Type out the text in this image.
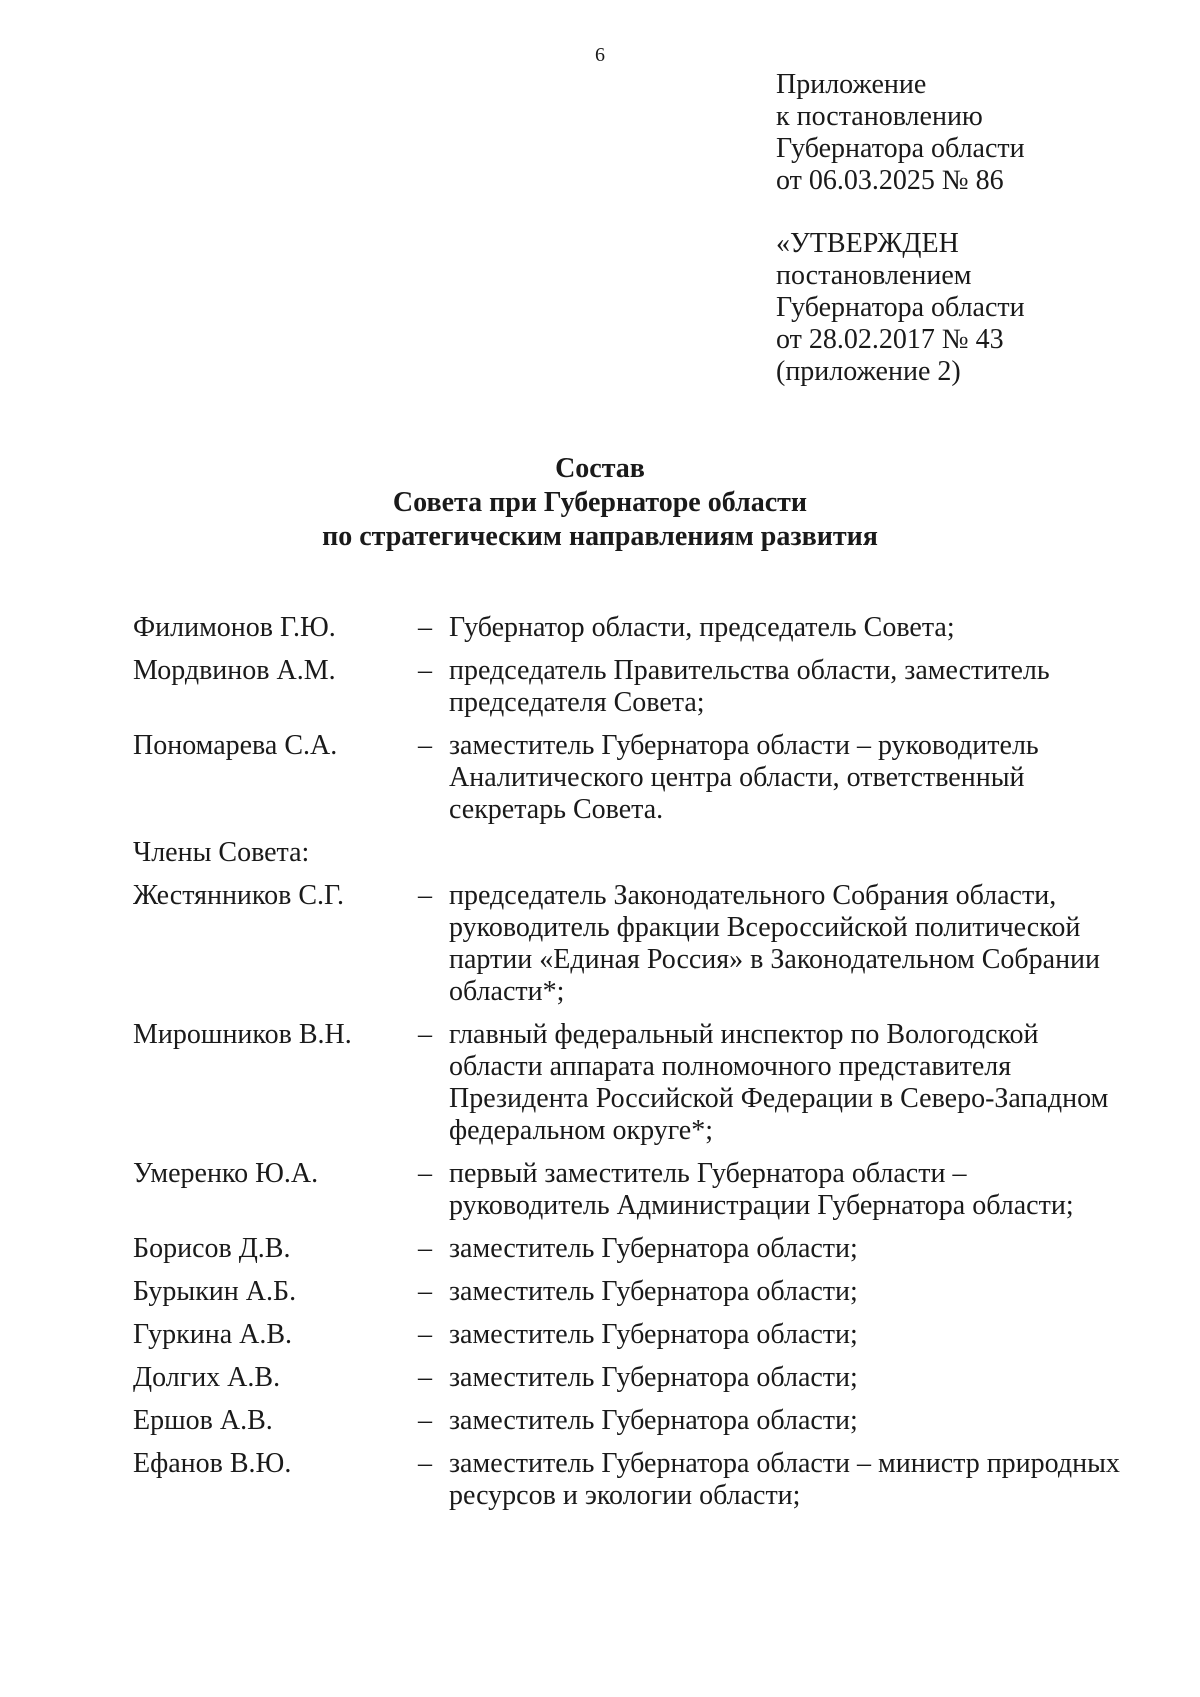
6
Приложение
к постановлению
Губернатора области
от 06.03.2025 № 86
«УТВЕРЖДЕН
постановлением
Губернатора области
от 28.02.2017 № 43
(приложение 2)
Состав
Совета при Губернаторе области
по стратегическим направлениям развития
Филимонов Г.Ю.	– Губернатор области, председатель Совета;
Мордвинов А.М.	– председатель Правительства области, заместитель председателя Совета;
Пономарева С.А.	– заместитель Губернатора области – руководитель Аналитического центра области, ответственный секретарь Совета.
Члены Совета:
Жестянников С.Г.	– председатель Законодательного Собрания области, руководитель фракции Всероссийской политической партии «Единая Россия» в Законодательном Собрании области*;
Мирошников В.Н.	– главный федеральный инспектор по Вологодской области аппарата полномочного представителя Президента Российской Федерации в Северо-Западном федеральном округе*;
Умеренко Ю.А.	– первый заместитель Губернатора области – руководитель Администрации Губернатора области;
Борисов Д.В.	– заместитель Губернатора области;
Бурыкин А.Б.	– заместитель Губернатора области;
Гуркина А.В.	– заместитель Губернатора области;
Долгих А.В.	– заместитель Губернатора области;
Ершов А.В.	– заместитель Губернатора области;
Ефанов В.Ю.	– заместитель Губернатора области – министр природных ресурсов и экологии области;
